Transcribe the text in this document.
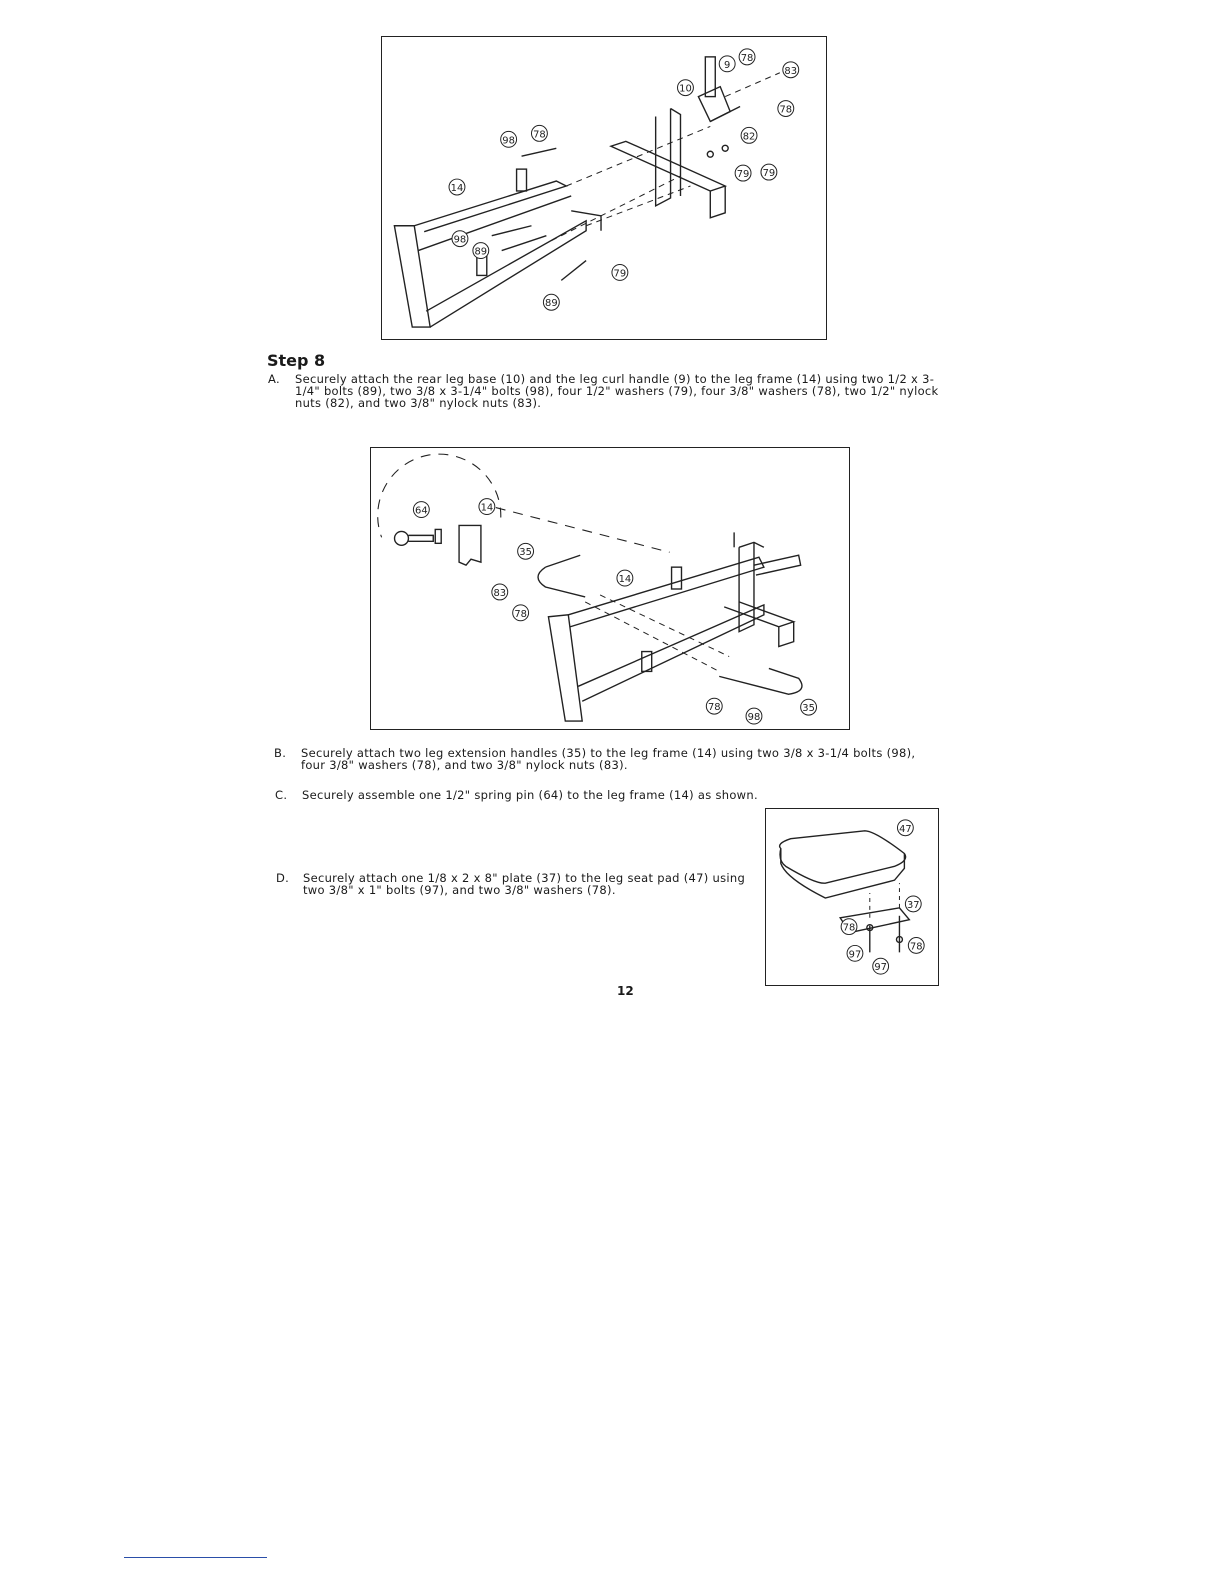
78
9
83
10
78
98
78	82
79 79
14
98
89
79
89
Step 8
A. Securely attach the rear leg base (10) and the leg curl handle (9) to the leg frame (14) using two 1/2 x 3-1/4" bolts (89), two 3/8 x 3-1/4" bolts (98), four 1/2" washers (79), four 3/8" washers (78), two 1/2" nylock nuts (82), and two 3/8" nylock nuts (83).
64	14
35
14
83
78
78
98
35
B. Securely attach two leg extension handles (35) to the leg frame (14) using two 3/8 x 3-1/4 bolts (98), four 3/8" washers (78), and two 3/8" nylock nuts (83).
C. Securely assemble one 1/2" spring pin (64) to the leg frame (14) as shown.
47
37
78
78
97
97
D. Securely attach one 1/8 x 2 x 8" plate (37) to the leg seat pad (47) using two 3/8" x 1" bolts (97), and two 3/8" washers (78).
12
